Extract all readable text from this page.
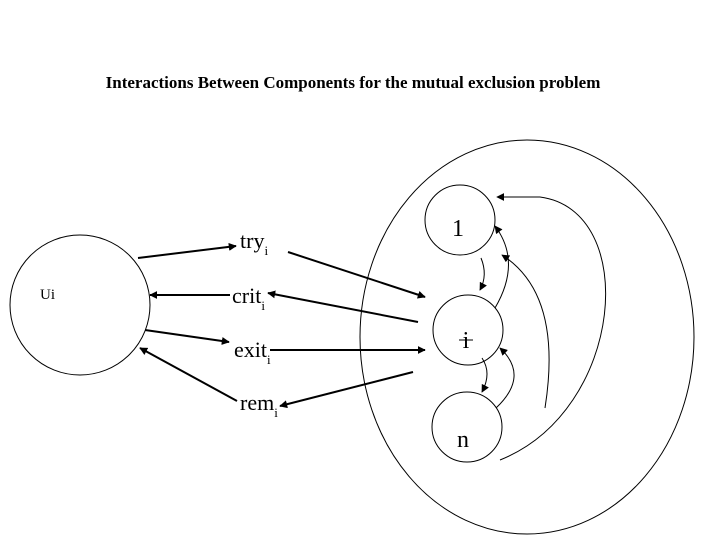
Interactions Between Components for the mutual exclusion problem
Ui
1
i
n
try$_i$
crit$_i$
exit$_i$
rem$_i$
